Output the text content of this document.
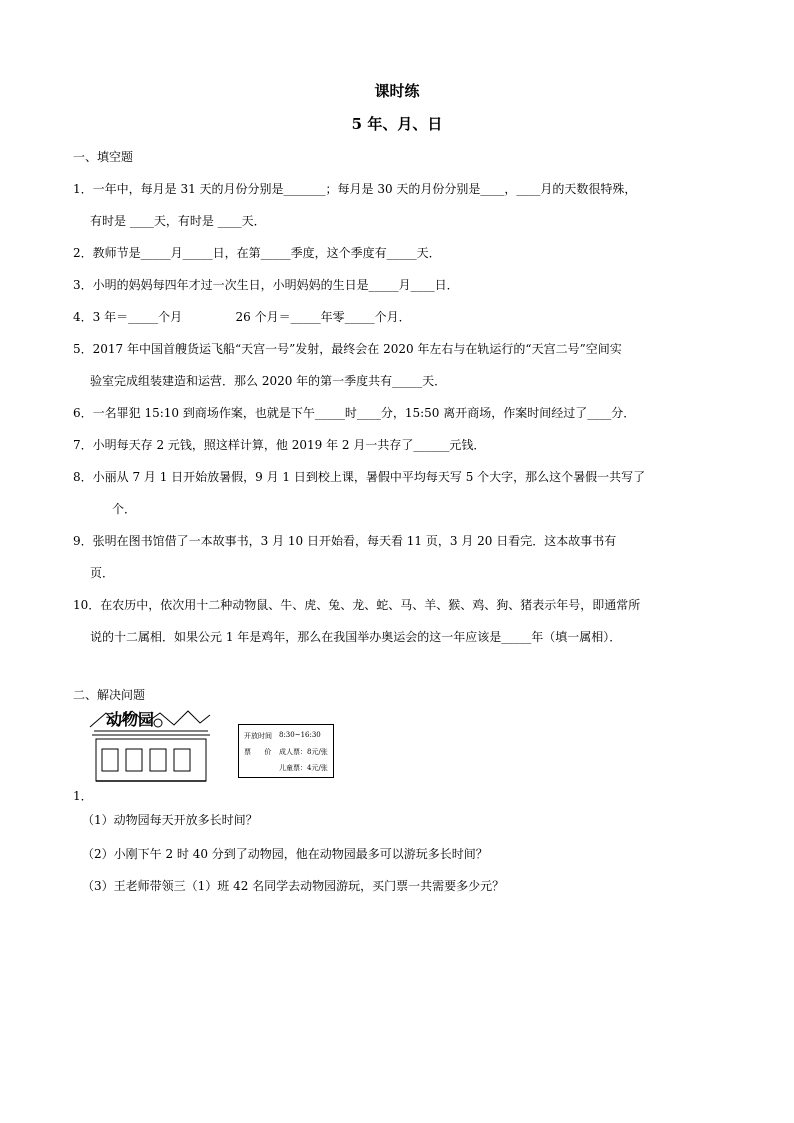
课时练
5 年、月、日
一、填空题
1．一年中，每月是 31 天的月份分别是_______；每月是 30 天的月份分别是____，____月的天数很特殊，
有时是 ____天，有时是 ____天．
2．教师节是_____月_____日，在第_____季度，这个季度有_____天．
3．小明的妈妈每四年才过一次生日，小明妈妈的生日是_____月____日．
4．3 年＝_____个月              26 个月＝_____年零_____个月．
5．2017 年中国首艘货运飞船“天宫一号”发射，最终会在 2020 年左右与在轨运行的“天宫二号”空间实
验室完成组装建造和运营．那么 2020 年的第一季度共有_____天．
6．一名罪犯 15:10 到商场作案，也就是下午_____时____分，15:50 离开商场，作案时间经过了____分．
7．小明每天存 2 元钱，照这样计算，他 2019 年 2 月一共存了______元钱．
8．小丽从 7 月 1 日开始放暑假，9 月 1 日到校上课，暑假中平均每天写 5 个大字，那么这个暑假一共写了
个．
9．张明在图书馆借了一本故事书，3 月 10 日开始看，每天看 11 页，3 月 20 日看完．这本故事书有
页．
10．在农历中，依次用十二种动物鼠、牛、虎、兔、龙、蛇、马、羊、猴、鸡、狗、猪表示年号，即通常所
说的十二属相．如果公元 1 年是鸡年，那么在我国举办奥运会的这一年应该是_____年（填一属相）．
二、解决问题
动物园
开放时间 8:30~16:30
票      价 成人票：8元/张
儿童票：4元/张
1．
（1）动物园每天开放多长时间？
（2）小刚下午 2 时 40 分到了动物园，他在动物园最多可以游玩多长时间？
（3）王老师带领三（1）班 42 名同学去动物园游玩，买门票一共需要多少元？
